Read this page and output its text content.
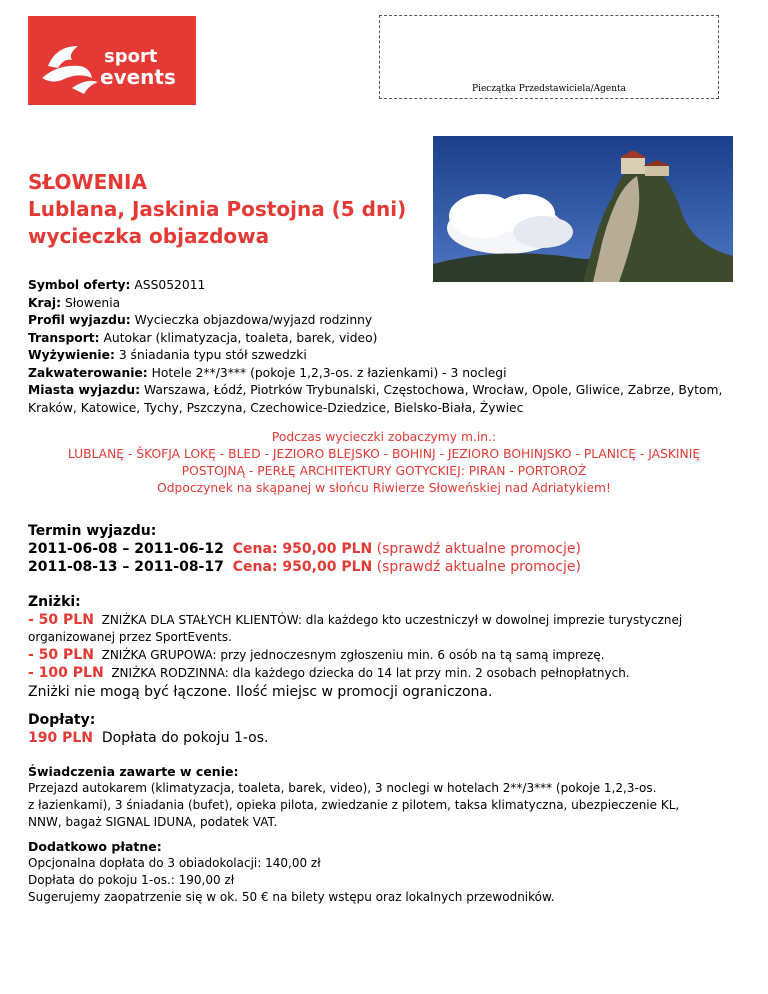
sport
events	Pieczątka Przedstawiciela/Agenta
SŁOWENIA
Lublana, Jaskinia Postojna (5 dni)
wycieczka objazdowa
Symbol oferty: ASS052011
Kraj: Słowenia
Profil wyjazdu: Wycieczka objazdowa/wyjazd rodzinny
Transport: Autokar (klimatyzacja, toaleta, barek, video)
Wyżywienie: 3 śniadania typu stół szwedzki
Zakwaterowanie: Hotele 2**/3*** (pokoje 1,2,3-os. z łazienkami) - 3 noclegi
Miasta wyjazdu: Warszawa, Łódź, Piotrków Trybunalski, Częstochowa, Wrocław, Opole, Gliwice, Zabrze, Bytom, Kraków, Katowice, Tychy, Pszczyna, Czechowice-Dziedzice, Bielsko-Biała, Żywiec
Podczas wycieczki zobaczymy m.in.:
LUBLANĘ - ŠKOFJA LOKĘ - BLED - JEZIORO BLEJSKO - BOHINJ - JEZIORO BOHINJSKO - PLANICĘ - JASKINIĘ
POSTOJNĄ - PERŁĘ ARCHITEKTURY GOTYCKIEJ: PIRAN - PORTOROŻ
Odpoczynek na skąpanej w słońcu Riwierze Słoweńskiej nad Adriatykiem!
Termin wyjazdu:
2011-06-08 – 2011-06-12 Cena: 950,00 PLN (sprawdź aktualne promocje)
2011-08-13 – 2011-08-17 Cena: 950,00 PLN (sprawdź aktualne promocje)
Zniżki:
- 50 PLN ZNIŻKA DLA STAŁYCH KLIENTÓW: dla każdego kto uczestniczył w dowolnej imprezie turystycznej
organizowanej przez SportEvents.
- 50 PLN ZNIŻKA GRUPOWA: przy jednoczesnym zgłoszeniu min. 6 osób na tą samą imprezę.
- 100 PLN ZNIŻKA RODZINNA: dla każdego dziecka do 14 lat przy min. 2 osobach pełnopłatnych.
Zniżki nie mogą być łączone. Ilość miejsc w promocji ograniczona.
Dopłaty:
190 PLN Dopłata do pokoju 1-os.
Świadczenia zawarte w cenie:
Przejazd autokarem (klimatyzacja, toaleta, barek, video), 3 noclegi w hotelach 2**/3*** (pokoje 1,2,3-os.
z łazienkami), 3 śniadania (bufet), opieka pilota, zwiedzanie z pilotem, taksa klimatyczna, ubezpieczenie KL,
NNW, bagaż SIGNAL IDUNA, podatek VAT.
Dodatkowo płatne:
Opcjonalna dopłata do 3 obiadokolacji: 140,00 zł
Dopłata do pokoju 1-os.: 190,00 zł
Sugerujemy zaopatrzenie się w ok. 50 € na bilety wstępu oraz lokalnych przewodników.
